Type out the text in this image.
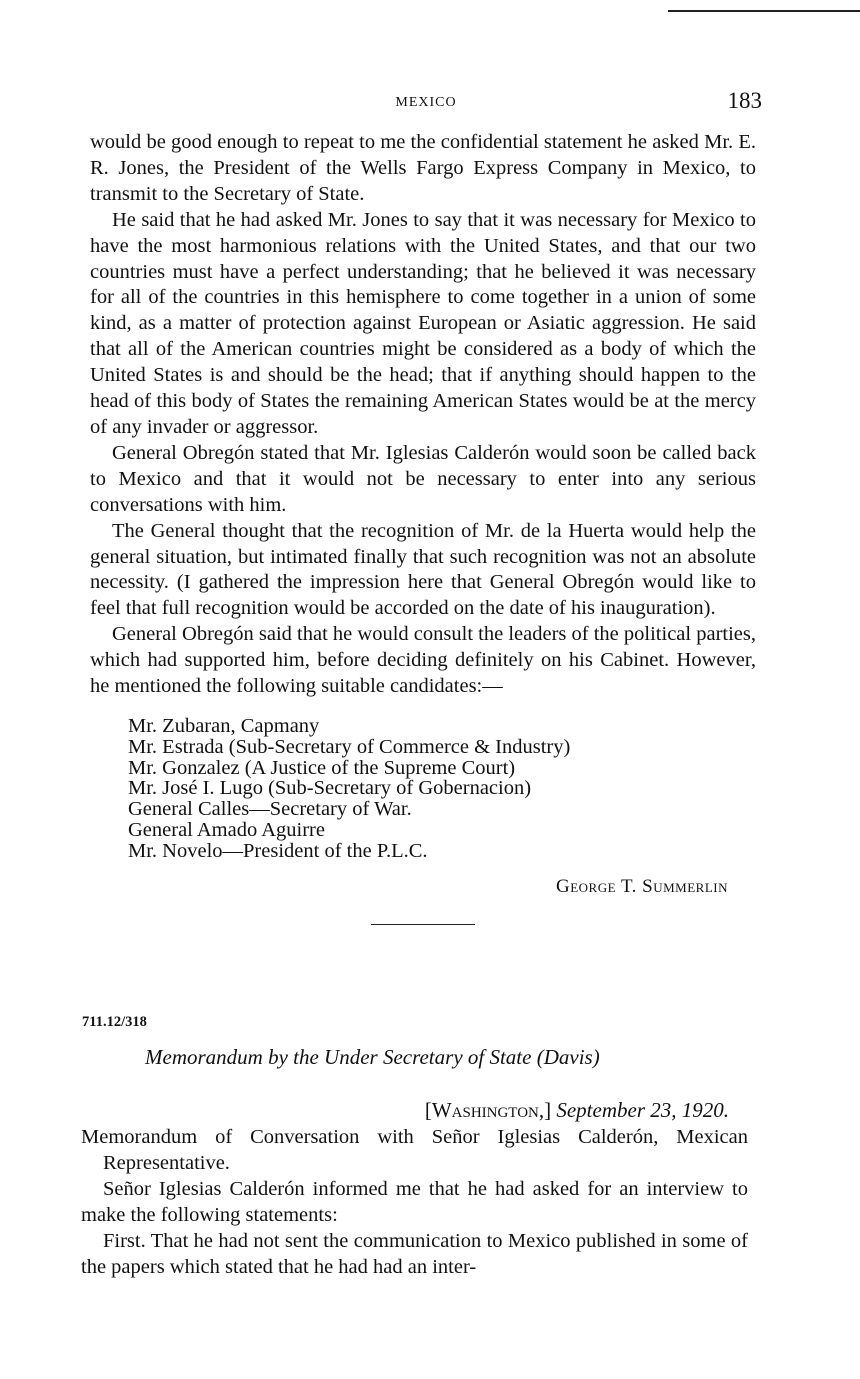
MEXICO	183

would be good enough to repeat to me the confidential statement he asked Mr. E. R. Jones, the President of the Wells Fargo Express Company in Mexico, to transmit to the Secretary of State.

He said that he had asked Mr. Jones to say that it was necessary for Mexico to have the most harmonious relations with the United States, and that our two countries must have a perfect understanding; that he believed it was necessary for all of the countries in this hemisphere to come together in a union of some kind, as a matter of protection against European or Asiatic aggression. He said that all of the American countries might be considered as a body of which the United States is and should be the head; that if anything should happen to the head of this body of States the remaining American States would be at the mercy of any invader or aggressor.

General Obregón stated that Mr. Iglesias Calderón would soon be called back to Mexico and that it would not be necessary to enter into any serious conversations with him.

The General thought that the recognition of Mr. de la Huerta would help the general situation, but intimated finally that such recognition was not an absolute necessity. (I gathered the impression here that General Obregón would like to feel that full recognition would be accorded on the date of his inauguration).

General Obregón said that he would consult the leaders of the political parties, which had supported him, before deciding definitely on his Cabinet. However, he mentioned the following suitable candidates:—

Mr. Zubaran, Capmany
Mr. Estrada (Sub-Secretary of Commerce & Industry)
Mr. Gonzalez (A Justice of the Supreme Court)
Mr. José I. Lugo (Sub-Secretary of Gobernacion)
General Calles—Secretary of War.
General Amado Aguirre
Mr. Novelo—President of the P.L.C.
George T. Summerlin
711.12/318
Memorandum by the Under Secretary of State (Davis)
[Washington,] September 23, 1920.

Memorandum of Conversation with Señor Iglesias Calderón, Mexican Representative.

Señor Iglesias Calderón informed me that he had asked for an interview to make the following statements:

First. That he had not sent the communication to Mexico published in some of the papers which stated that he had had an inter-
